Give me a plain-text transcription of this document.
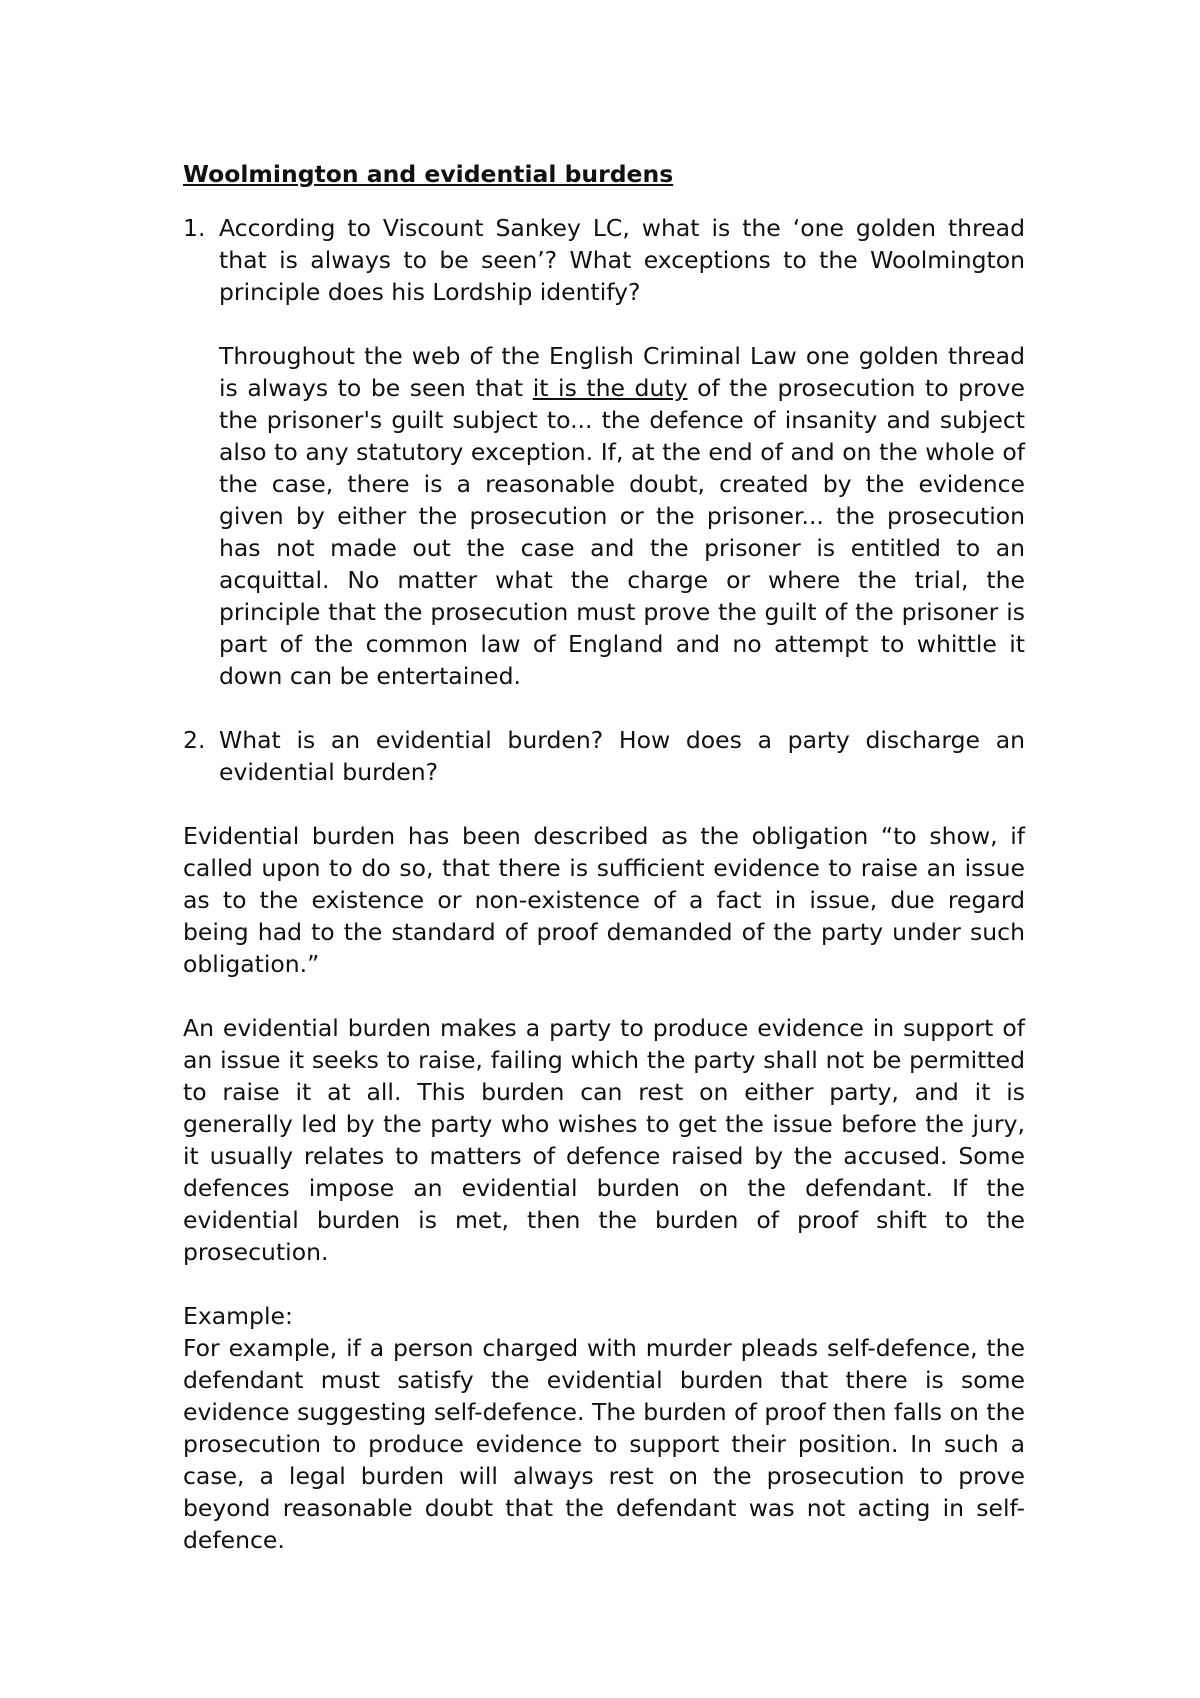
Woolmington and evidential burdens
1. According to Viscount Sankey LC, what is the ‘one golden thread that is always to be seen’? What exceptions to the Woolmington principle does his Lordship identify?
Throughout the web of the English Criminal Law one golden thread is always to be seen that it is the duty of the prosecution to prove the prisoner's guilt subject to... the defence of insanity and subject also to any statutory exception. If, at the end of and on the whole of the case, there is a reasonable doubt, created by the evidence given by either the prosecution or the prisoner... the prosecution has not made out the case and the prisoner is entitled to an acquittal. No matter what the charge or where the trial, the principle that the prosecution must prove the guilt of the prisoner is part of the common law of England and no attempt to whittle it down can be entertained.
2. What is an evidential burden? How does a party discharge an evidential burden?
Evidential burden has been described as the obligation “to show, if called upon to do so, that there is sufficient evidence to raise an issue as to the existence or non-existence of a fact in issue, due regard being had to the standard of proof demanded of the party under such obligation.”
An evidential burden makes a party to produce evidence in support of an issue it seeks to raise, failing which the party shall not be permitted to raise it at all. This burden can rest on either party, and it is generally led by the party who wishes to get the issue before the jury, it usually relates to matters of defence raised by the accused. Some defences impose an evidential burden on the defendant. If the evidential burden is met, then the burden of proof shift to the prosecution.
Example:
For example, if a person charged with murder pleads self-defence, the defendant must satisfy the evidential burden that there is some evidence suggesting self-defence. The burden of proof then falls on the prosecution to produce evidence to support their position. In such a case, a legal burden will always rest on the prosecution to prove beyond reasonable doubt that the defendant was not acting in self-defence.
